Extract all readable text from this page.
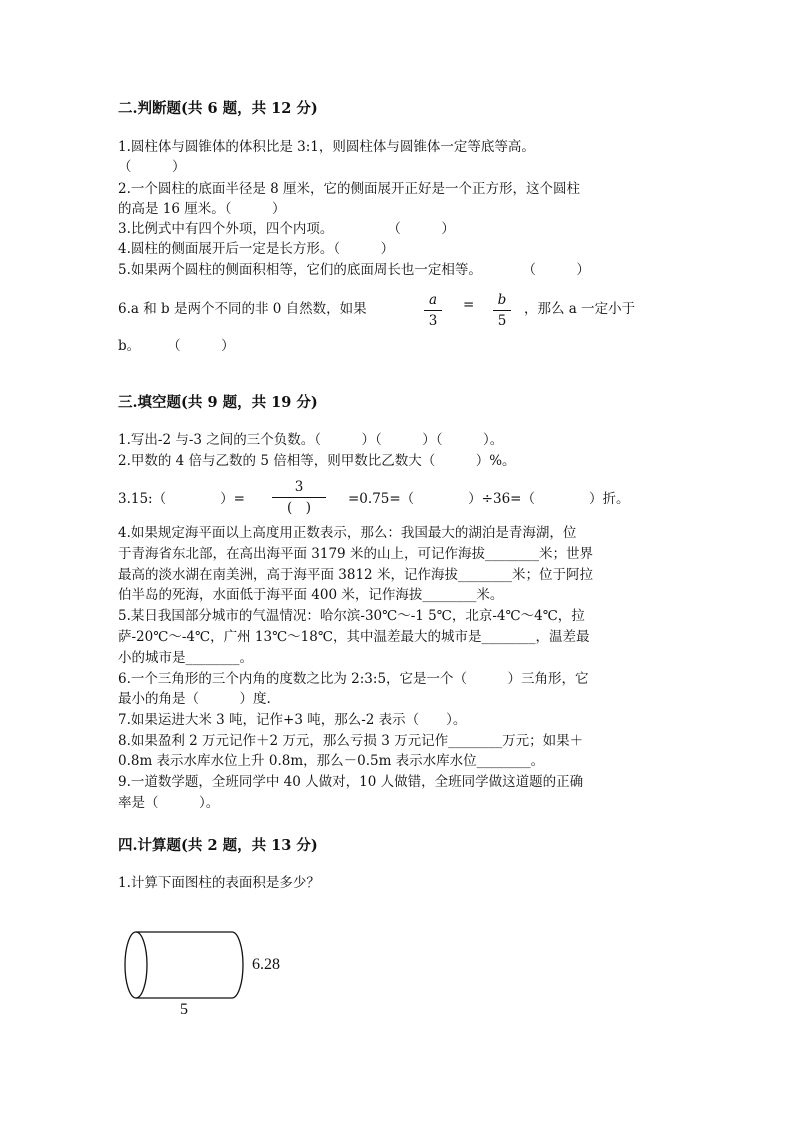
二.判断题(共 6 题，共 12 分)
1.圆柱体与圆锥体的体积比是 3:1，则圆柱体与圆锥体一定等底等高。
（　　　）
2.一个圆柱的底面半径是 8 厘米，它的侧面展开正好是一个正方形，这个圆柱
的高是 16 厘米。（　　　）
3.比例式中有四个外项，四个内项。　　　　　（　　　）
4.圆柱的侧面展开后一定是长方形。（　　　）
5.如果两个圆柱的侧面积相等，它们的底面周长也一定相等。　　　　（　　　）
6.a 和 b 是两个不同的非 0 自然数，如果
a
3
=	b
5
，那么 a 一定小于
b。　　　（　　　）
三.填空题(共 9 题，共 19 分)
1.写出-2 与-3 之间的三个负数。（　　　）（　　　）（　　　）。
2.甲数的 4 倍与乙数的 5 倍相等，则甲数比乙数大（　　　）%。
3.15:（　　　　）=
3
(　)
=0.75=（　　　　）÷36=（　　　　）折。
4.如果规定海平面以上高度用正数表示，那么：我国最大的湖泊是青海湖，位
于青海省东北部，在高出海平面 3179 米的山上，可记作海拔________米；世界
最高的淡水湖在南美洲，高于海平面 3812 米，记作海拔________米；位于阿拉
伯半岛的死海，水面低于海平面 400 米，记作海拔________米。
5.某日我国部分城市的气温情况：哈尔滨-30℃～-1 5℃，北京-4℃～4℃，拉
萨-20℃～-4℃，广州 13℃～18℃，其中温差最大的城市是________，温差最
小的城市是________。
6.一个三角形的三个内角的度数之比为 2:3:5，它是一个（　　　）三角形，它
最小的角是（　　　）度.
7.如果运进大米 3 吨，记作+3 吨，那么-2 表示（　　）。
8.如果盈利 2 万元记作＋2 万元，那么亏损 3 万元记作________万元；如果＋
0.8m 表示水库水位上升 0.8m，那么－0.5m 表示水库水位________。
9.一道数学题，全班同学中 40 人做对，10 人做错，全班同学做这道题的正确
率是（　　　）。
四.计算题(共 2 题，共 13 分)
1.计算下面图柱的表面积是多少？
6.28
5
